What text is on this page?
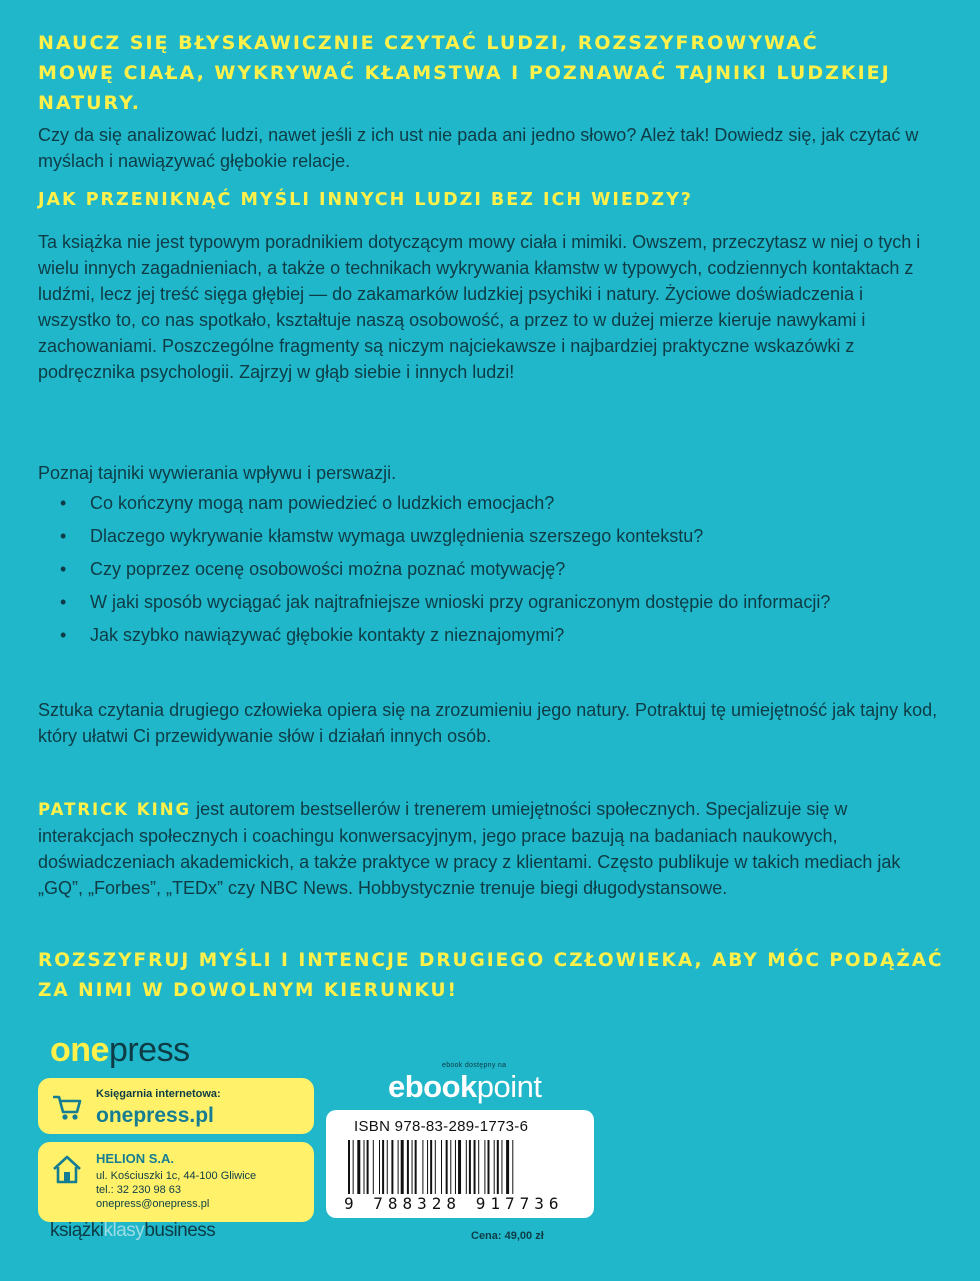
NAUCZ SIĘ BŁYSKAWICZNIE CZYTAĆ LUDZI, ROZSZYFROWYWAĆ MOWĘ CIAŁA, WYKRYWAĆ KŁAMSTWA I POZNAWAĆ TAJNIKI LUDZKIEJ NATURY.

Czy da się analizować ludzi, nawet jeśli z ich ust nie pada ani jedno słowo? Ależ tak! Dowiedz się, jak czytać w myślach i nawiązywać głębokie relacje.

JAK PRZENIKNĄĆ MYŚLI INNYCH LUDZI BEZ ICH WIEDZY?

Ta książka nie jest typowym poradnikiem dotyczącym mowy ciała i mimiki. Owszem, przeczytasz w niej o tych i wielu innych zagadnieniach, a także o technikach wykrywania kłamstw w typowych, codziennych kontaktach z ludźmi, lecz jej treść sięga głębiej — do zakamarków ludzkiej psychiki i natury. Życiowe doświadczenia i wszystko to, co nas spotkało, kształtuje naszą osobowość, a przez to w dużej mierze kieruje nawykami i zachowaniami. Poszczególne fragmenty są niczym najciekawsze i najbardziej praktyczne wskazówki z podręcznika psychologii. Zajrzyj w głąb siebie i innych ludzi!

Poznaj tajniki wywierania wpływu i perswazji.

• Co kończyny mogą nam powiedzieć o ludzkich emocjach?
• Dlaczego wykrywanie kłamstw wymaga uwzględnienia szerszego kontekstu?
• Czy poprzez ocenę osobowości można poznać motywację?
• W jaki sposób wyciągać jak najtrafniejsze wnioski przy ograniczonym dostępie do informacji?
• Jak szybko nawiązywać głębokie kontakty z nieznajomymi?

Sztuka czytania drugiego człowieka opiera się na zrozumieniu jego natury. Potraktuj tę umiejętność jak tajny kod, który ułatwi Ci przewidywanie słów i działań innych osób.

PATRICK KING jest autorem bestsellerów i trenerem umiejętności społecznych. Specjalizuje się w interakcjach społecznych i coachingu konwersacyjnym, jego prace bazują na badaniach naukowych, doświadczeniach akademickich, a także praktyce w pracy z klientami. Często publikuje w takich mediach jak „GQ”, „Forbes”, „TEDx” czy NBC News. Hobbystycznie trenuje biegi długodystansowe.

ROZSZYFRUJ MYŚLI I INTENCJE DRUGIEGO CZŁOWIEKA, ABY MÓC PODĄŻAĆ ZA NIMI W DOWOLNYM KIERUNKU!
onepress
Księgarnia internetowa:
onepress.pl
HELION S.A.
ul. Kościuszki 1c, 44-100 Gliwice
tel.: 32 230 98 63
onepress@onepress.pl
ebook dostępny na
ebookpoint
ISBN 978-83-289-1773-6
9 788328 917736
Cena: 49,00 zł
książkiklasybusiness
